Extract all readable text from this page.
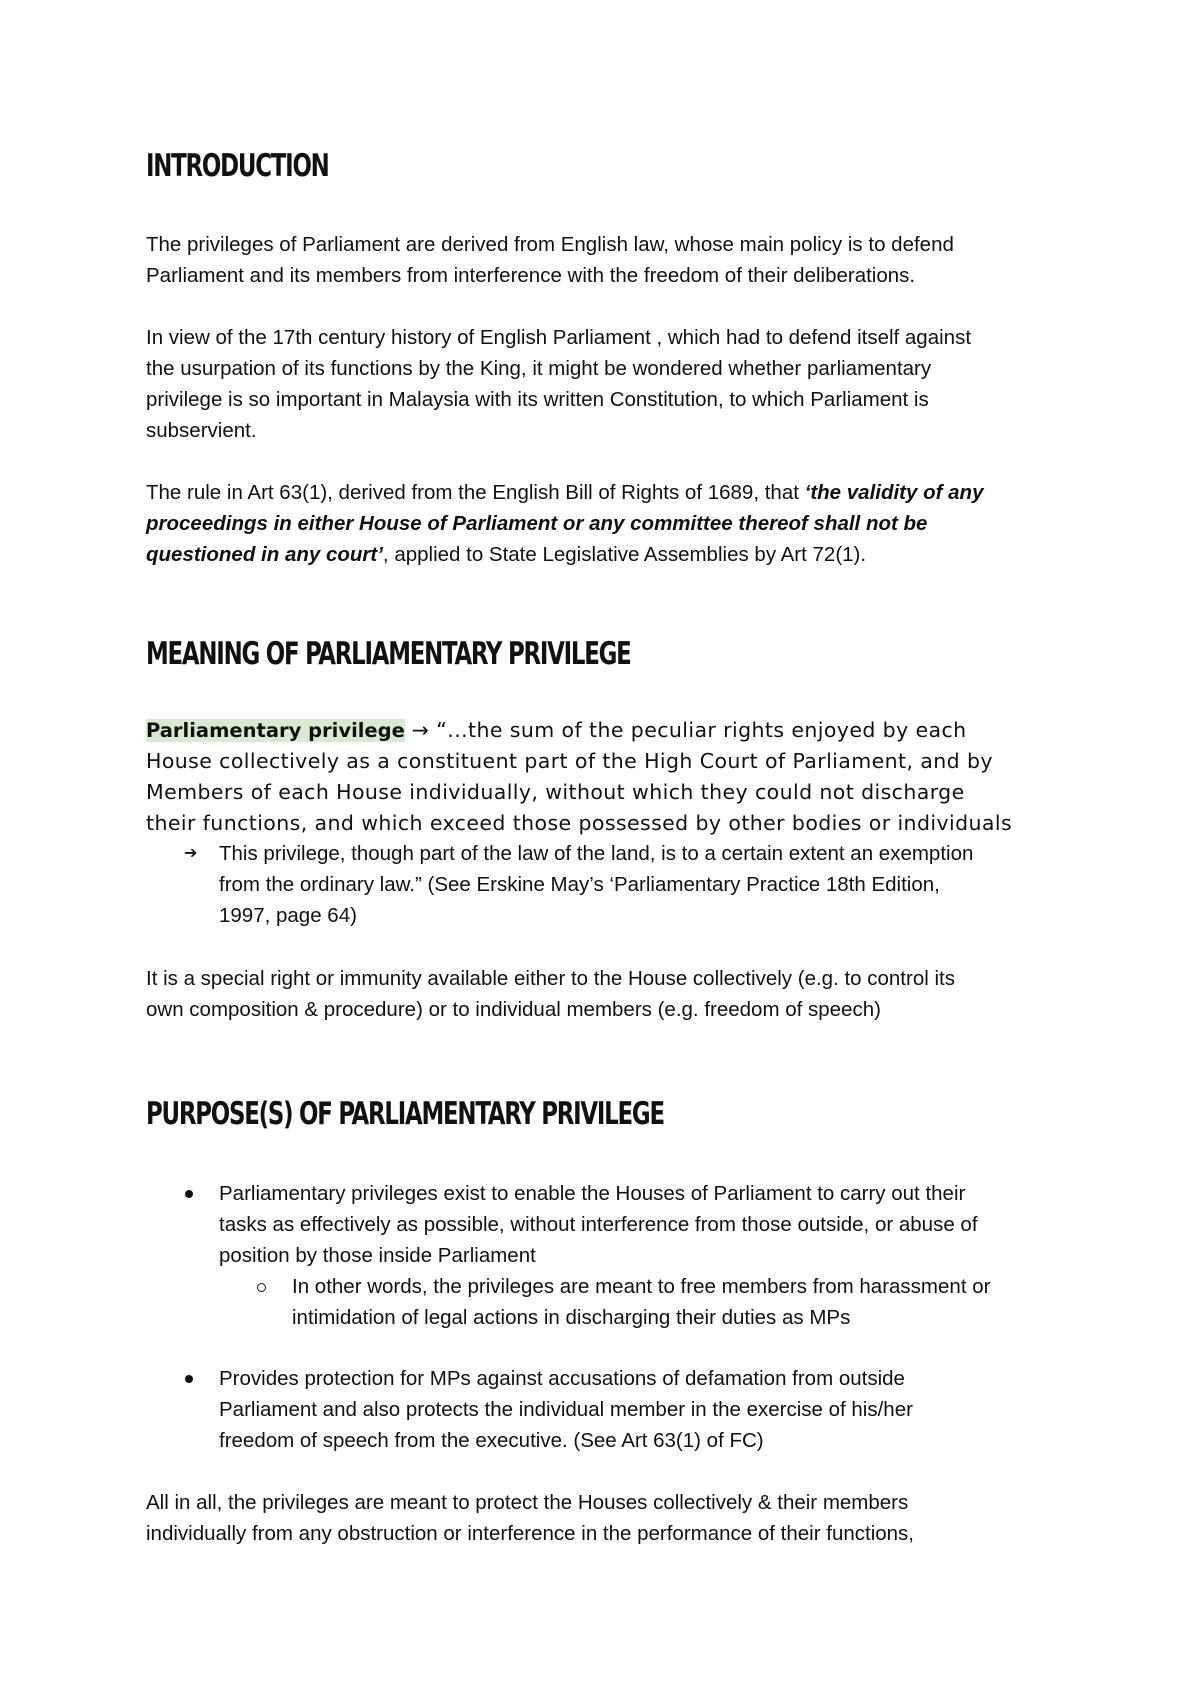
INTRODUCTION
The privileges of Parliament are derived from English law, whose main policy is to defend
Parliament and its members from interference with the freedom of their deliberations.
In view of the 17th century history of English Parliament , which had to defend itself against
the usurpation of its functions by the King, it might be wondered whether parliamentary
privilege is so important in Malaysia with its written Constitution, to which Parliament is
subservient.
The rule in Art 63(1), derived from the English Bill of Rights of 1689, that ‘the validity of any
proceedings in either House of Parliament or any committee thereof shall not be
questioned in any court’, applied to State Legislative Assemblies by Art 72(1).
MEANING OF PARLIAMENTARY PRIVILEGE
Parliamentary privilege → “...the sum of the peculiar rights enjoyed by each
House collectively as a constituent part of the High Court of Parliament, and by
Members of each House individually, without which they could not discharge
their functions, and which exceed those possessed by other bodies or individuals
➔ This privilege, though part of the law of the land, is to a certain extent an exemption
from the ordinary law.” (See Erskine May’s ‘Parliamentary Practice 18th Edition,
1997, page 64)
It is a special right or immunity available either to the House collectively (e.g. to control its
own composition & procedure) or to individual members (e.g. freedom of speech)
PURPOSE(S) OF PARLIAMENTARY PRIVILEGE
Parliamentary privileges exist to enable the Houses of Parliament to carry out their
tasks as effectively as possible, without interference from those outside, or abuse of
position by those inside Parliament
In other words, the privileges are meant to free members from harassment or
intimidation of legal actions in discharging their duties as MPs
Provides protection for MPs against accusations of defamation from outside
Parliament and also protects the individual member in the exercise of his/her
freedom of speech from the executive. (See Art 63(1) of FC)
All in all, the privileges are meant to protect the Houses collectively & their members
individually from any obstruction or interference in the performance of their functions,
